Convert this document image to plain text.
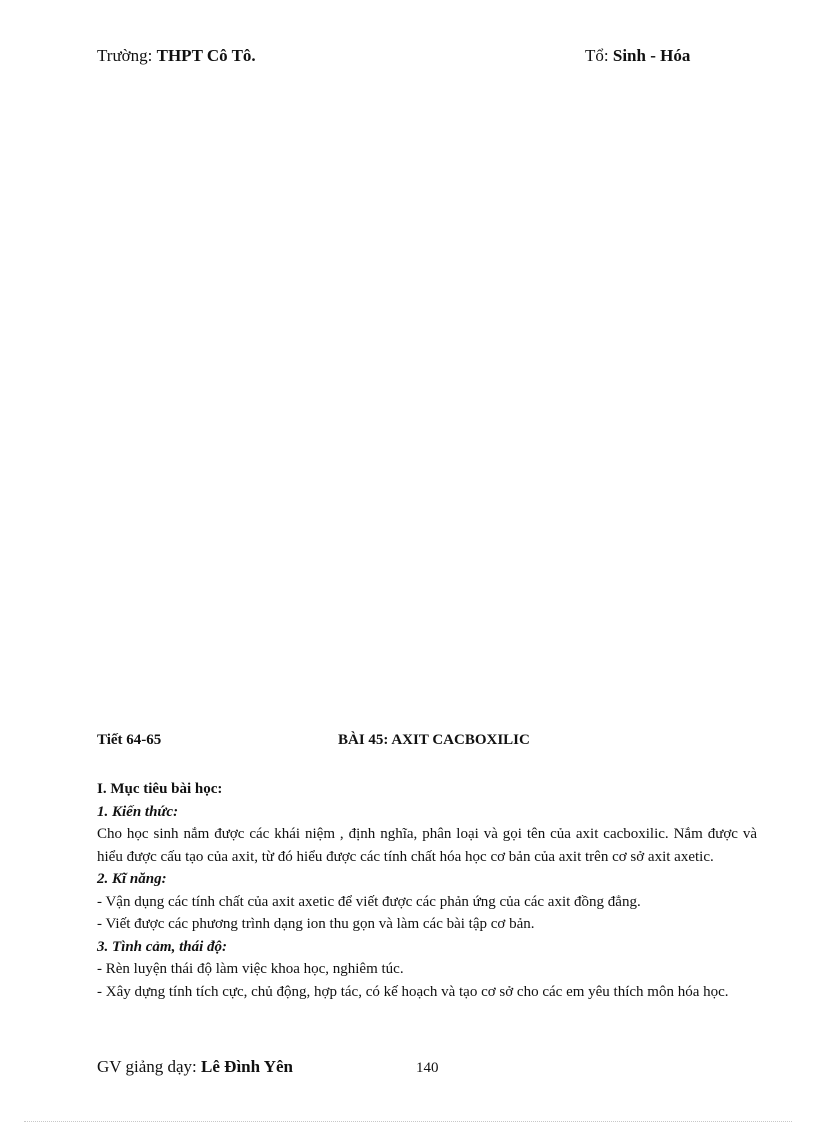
Trường: THPT Cô Tô.	Tổ: Sinh - Hóa
Tiết 64-65	BÀI 45: AXIT CACBOXILIC

I. Mục tiêu bài học:

1. Kiến thức:

Cho học sinh nắm được các khái niệm , định nghĩa, phân loại và gọi tên của axit cacboxilic. Nắm được và hiểu được cấu tạo của axit, từ đó hiểu được các tính chất hóa học cơ bản của axit trên cơ sở axit axetic.

2. Kĩ năng:

- Vận dụng các tính chất của axit axetic để viết được các phản ứng của các axit đồng đẳng.

- Viết được các phương trình dạng ion thu gọn và làm các bài tập cơ bản.

3. Tình cảm, thái độ:

- Rèn luyện thái độ làm việc khoa học, nghiêm túc.

- Xây dựng tính tích cực, chủ động, hợp tác, có kế hoạch và tạo cơ sở cho các em yêu thích môn hóa học.

GV giảng dạy: Lê Đình Yên	140
